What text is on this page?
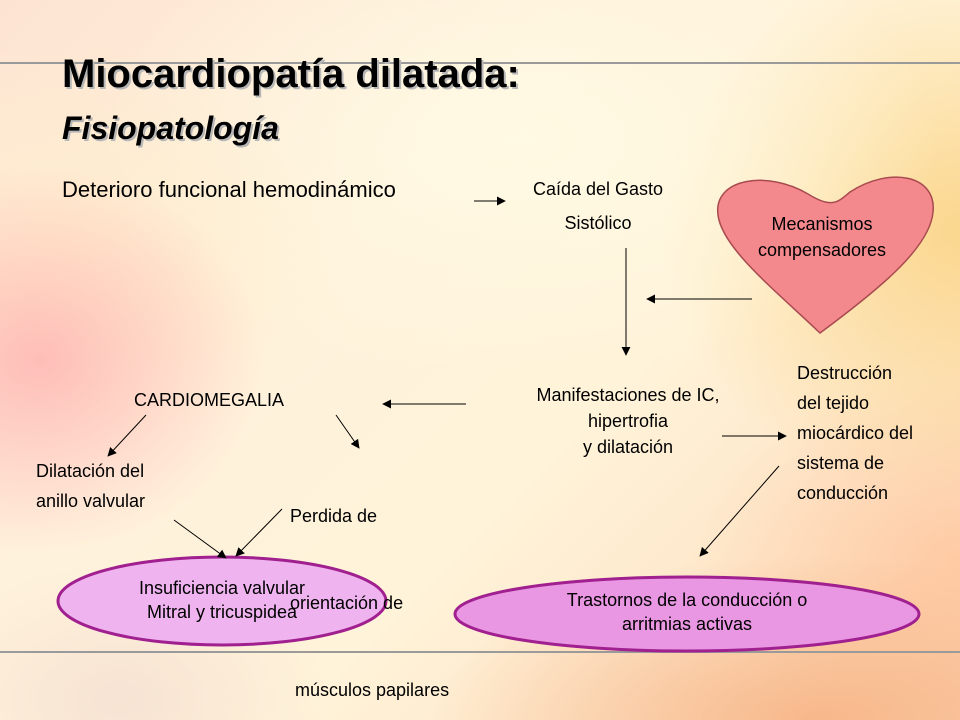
Miocardiopatía dilatada:
Fisiopatología
Deterioro funcional hemodinámico	Caída del Gasto
Sistólico	Mecanismos
compensadores
Manifestaciones de IC,
hipertrofia
y dilatación
Destrucción
del tejido
miocárdico del
sistema de
conducción
CARDIOMEGALIA
Dilatación del
anillo valvular

Perdida de

orientación de

músculos papilares

Insuficiencia valvular
Mitral y tricuspidea
Trastornos de la conducción o
arritmias activas
